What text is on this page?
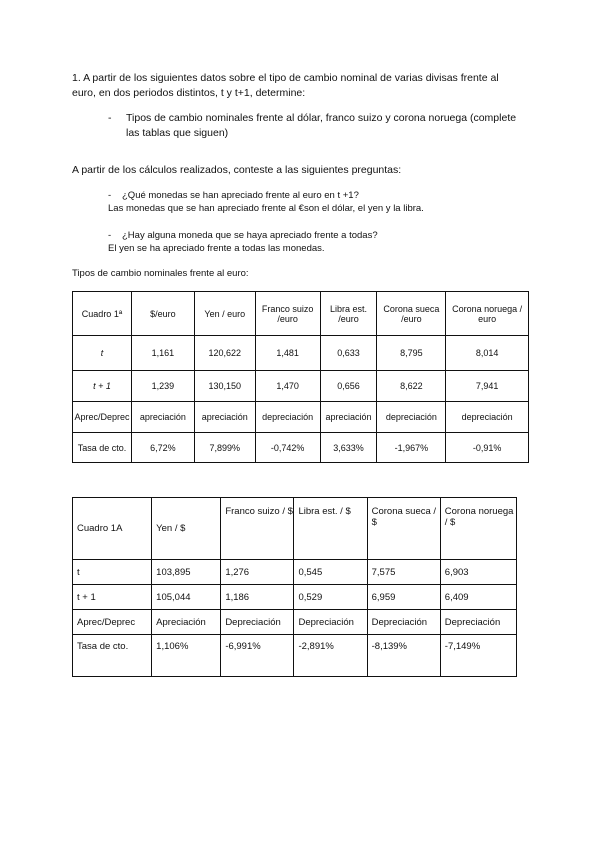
1. A partir de los siguientes datos sobre el tipo de cambio nominal de varias divisas frente al
euro, en dos periodos distintos, t y t+1, determine:

- Tipos de cambio nominales frente al dólar, franco suizo y corona noruega (complete
las tablas que siguen)

A partir de los cálculos realizados, conteste a las siguientes preguntas:

- ¿Qué monedas se han apreciado frente al euro en t +1?
Las monedas que se han apreciado frente al €son el dólar, el yen y la libra.
- ¿Hay alguna moneda que se haya apreciado frente a todas?
El yen se ha apreciado frente a todas las monedas.

Tipos de cambio nominales frente al euro:

Cuadro 1ª	$/euro	Yen / euro	Franco suizo /euro	Libra est. /euro	Corona sueca /euro	Corona noruega / euro
t	1,161	120,622	1,481	0,633	8,795	8,014
t + 1	1,239	130,150	1,470	0,656	8,622	7,941
Aprec/Deprec	apreciación	apreciación	depreciación	apreciación	depreciación	depreciación
Tasa de cto.	6,72%	7,899%	-0,742%	3,633%	-1,967%	-0,91%
Cuadro 1A	Yen / $	Franco suizo / $	Libra est. / $	Corona sueca / $	Corona noruega / $
t	103,895	1,276	0,545	7,575	6,903
t + 1	105,044	1,186	0,529	6,959	6,409
Aprec/Deprec	Apreciación	Depreciación	Depreciación	Depreciación	Depreciación
Tasa de cto.	1,106%	-6,991%	-2,891%	-8,139%	-7,149%
